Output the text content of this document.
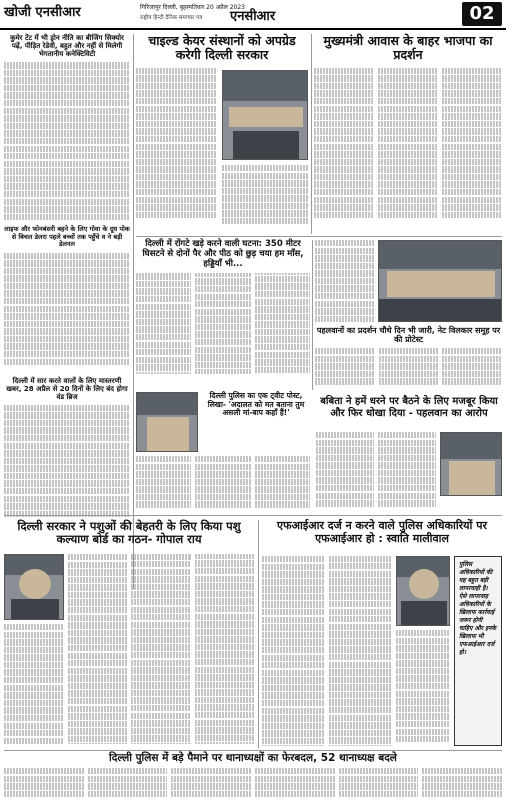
खोजी एनसीआर	गिरिजापुर दिल्ली, बृहस्पतिवार 20 अप्रैल 2023
राष्ट्रीय हिन्दी दैनिक समाचार पत्र एनसीआर	02
कुमेर टेंट में भी ड्रोन नीति का बीजिंग सिक्योर पढ़ें, पीड़ित रेडेवी, बहुत और नहीं से मिलेगी भेगतानीय कनेक्टिविटी
लाइफ और फोनबंसरी बहने के लिए गोवा के दूध पोक से बिचल डेलरा पहले बच्चों तक पहुँचे व ने बड़ी डेलनल
दिल्ली में सार करते वालों के लिए मास्तरणी खबर, 28 अप्रैल से 20 दिनों के लिए बंद होगा वंड ब्रिज
चाइल्ड केयर संस्थानों को अपग्रेड करेगी दिल्ली सरकार
मुख्यमंत्री आवास के बाहर भाजपा का प्रदर्शन
दिल्ली में रोंगटे खड़े करने वाली घटना: 350 मीटर घिसटने से दोनों पैर और पीठ को छुड़ चया हम माँस, हड्डियाँ भी...
पहलवानों का प्रदर्शन चौथे दिन भी जारी, नेट विलकार समूह पर की प्रोटेस्ट
दिल्ली पुलिस का एक ट्वीट पोस्ट, लिखा- 'अदालत को मत बताना तुम असली मां-बाप कहाँ हैं!'
बबिता ने हमें धरने पर बैठने के लिए मजबूर किया और फिर धोखा दिया - पहलवान का आरोप
दिल्ली सरकार ने पशुओं की बेहतरी के लिए किया पशु कल्याण बोर्ड का गठन- गोपाल राय
एफआईआर दर्ज न करने वाले पुलिस अधिकारियों पर एफआईआर हो : स्वाति मालीवाल
पुलिस अधिकारियों की यह बहुत बड़ी लापरवाही है। ऐसे लापरवाह अधिकारियों के खिलाफ कार्रवाई जरूर होनी चाहिए और इनके खिलाफ भी एफआईआर दर्ज हो।
दिल्ली पुलिस में बड़े पैमाने पर थानाध्यक्षों का फेरबदल, 52 थानाध्यक्ष बदले
